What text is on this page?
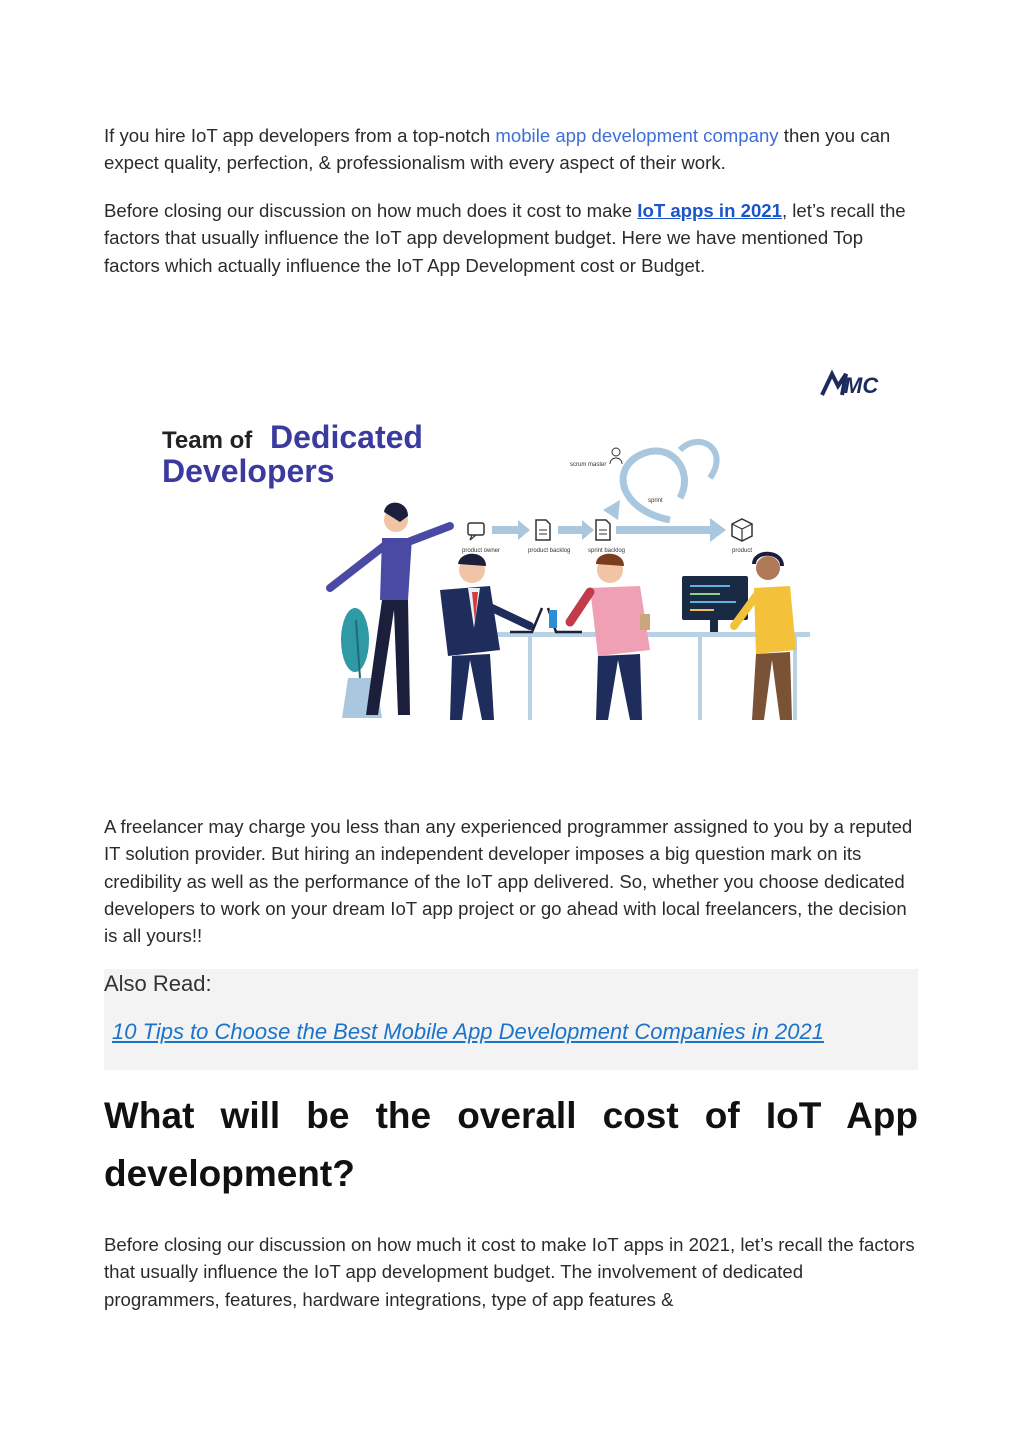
If you hire IoT app developers from a top-notch mobile app development company then you can expect quality, perfection, & professionalism with every aspect of their work.

Before closing our discussion on how much does it cost to make IoT apps in 2021, let’s recall the factors that usually influence the IoT app development budget. Here we have mentioned Top factors which actually influence the IoT App Development cost or Budget.

MC
Team of Dedicated
Developers
product owner	product backlog	sprint backlog
sprint
scrum master
product

A freelancer may charge you less than any experienced programmer assigned to you by a reputed IT solution provider. But hiring an independent developer imposes a big question mark on its credibility as well as the performance of the IoT app delivered. So, whether you choose dedicated developers to work on your dream IoT app project or go ahead with local freelancers, the decision is all yours!!

Also Read:
10 Tips to Choose the Best Mobile App Development Companies in 2021
What will be the overall cost of IoT App development?

Before closing our discussion on how much it cost to make IoT apps in 2021, let’s recall the factors that usually influence the IoT app development budget. The involvement of dedicated programmers, features, hardware integrations, type of app features &
